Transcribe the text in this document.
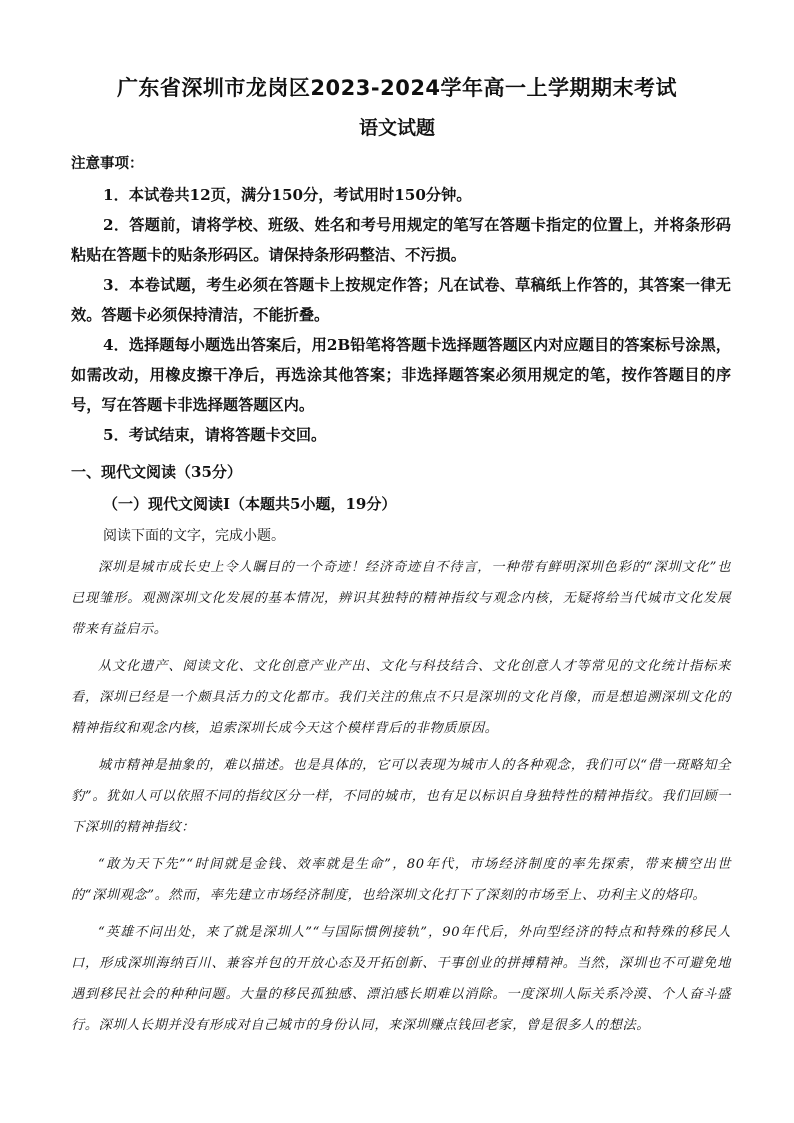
广东省深圳市龙岗区2023-2024学年高一上学期期末考试
语文试题
注意事项：

1．本试卷共12页，满分150分，考试用时150分钟。

2．答题前，请将学校、班级、姓名和考号用规定的笔写在答题卡指定的位置上，并将条形码粘贴在答题卡的贴条形码区。请保持条形码整洁、不污损。

3．本卷试题，考生必须在答题卡上按规定作答；凡在试卷、草稿纸上作答的，其答案一律无效。答题卡必须保持清洁，不能折叠。

4．选择题每小题选出答案后，用2B铅笔将答题卡选择题答题区内对应题目的答案标号涂黑，如需改动，用橡皮擦干净后，再选涂其他答案；非选择题答案必须用规定的笔，按作答题目的序号，写在答题卡非选择题答题区内。

5．考试结束，请将答题卡交回。

一、现代文阅读（35分）
（一）现代文阅读Ⅰ（本题共5小题，19分）
阅读下面的文字，完成小题。

深圳是城市成长史上令人瞩目的一个奇迹！经济奇迹自不待言，一种带有鲜明深圳色彩的“深圳文化”也已现雏形。观测深圳文化发展的基本情况，辨识其独特的精神指纹与观念内核，无疑将给当代城市文化发展带来有益启示。

从文化遗产、阅读文化、文化创意产业产出、文化与科技结合、文化创意人才等常见的文化统计指标来看，深圳已经是一个颇具活力的文化都市。我们关注的焦点不只是深圳的文化肖像，而是想追溯深圳文化的精神指纹和观念内核，追索深圳长成今天这个模样背后的非物质原因。

城市精神是抽象的，难以描述。也是具体的，它可以表现为城市人的各种观念，我们可以“借一斑略知全豹”。犹如人可以依照不同的指纹区分一样，不同的城市，也有足以标识自身独特性的精神指纹。我们回顾一下深圳的精神指纹：

“敢为天下先”“时间就是金钱、效率就是生命”，80年代，市场经济制度的率先探索，带来横空出世的“深圳观念”。然而，率先建立市场经济制度，也给深圳文化打下了深刻的市场至上、功利主义的烙印。

“英雄不问出处，来了就是深圳人”“与国际惯例接轨”，90年代后，外向型经济的特点和特殊的移民人口，形成深圳海纳百川、兼容并包的开放心态及开拓创新、干事创业的拼搏精神。当然，深圳也不可避免地遇到移民社会的种种问题。大量的移民孤独感、漂泊感长期难以消除。一度深圳人际关系冷漠、个人奋斗盛行。深圳人长期并没有形成对自己城市的身份认同，来深圳赚点钱回老家，曾是很多人的想法。
